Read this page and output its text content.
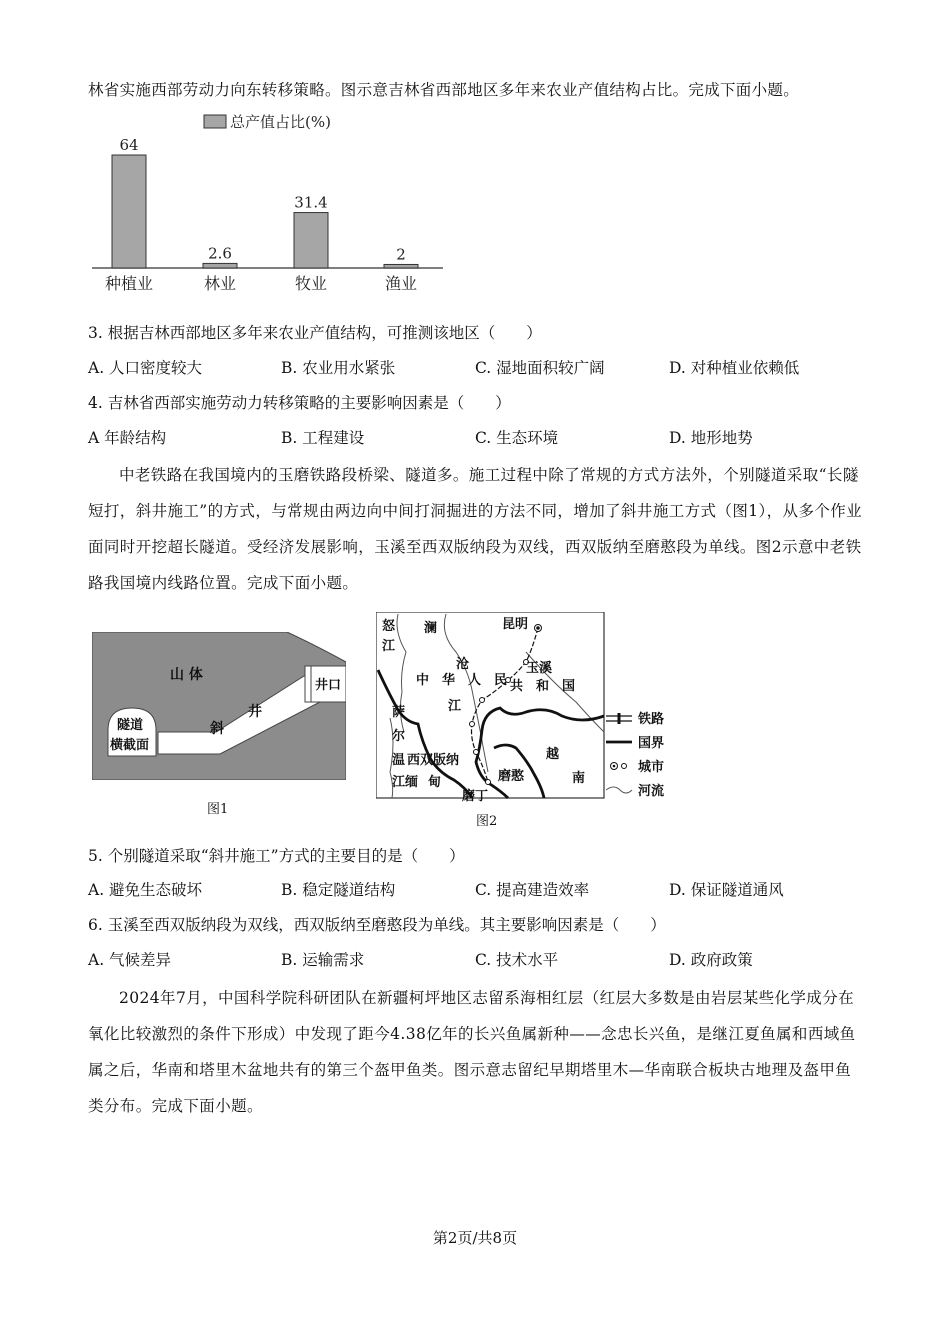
林省实施西部劳动力向东转移策略。图示意吉林省西部地区多年来农业产值结构占比。完成下面小题。
总产值占比(%)
64
2.6
31.4
2
种植业	林业	牧业	渔业
3. 根据吉林西部地区多年来农业产值结构，可推测该地区（　　）
A. 人口密度较大	B. 农业用水紧张	C. 湿地面积较广阔	D. 对种植业依赖低
4. 吉林省西部实施劳动力转移策略的主要影响因素是（　　）
A 年龄结构	B. 工程建设	C. 生态环境	D. 地形地势
中老铁路在我国境内的玉磨铁路段桥梁、隧道多。施工过程中除了常规的方式方法外，个别隧道采取“长隧短打，斜井施工”的方式，与常规由两边向中间打洞掘进的方法不同，增加了斜井施工方式（图1），从多个作业面同时开挖超长隧道。受经济发展影响，玉溪至西双版纳段为双线，西双版纳至磨憨段为单线。图2示意中老铁路我国境内线路位置。完成下面小题。
山 体
井口
斜
井
隧道
横截面
图1
怒
江
澜
沧
江
昆明
玉溪
中　华　人　民 共　和　国
萨
尔
温 西双版纳
江缅 甸
越
南
磨憨
磨丁
铁路
国界
城市
河流
图2
5. 个别隧道采取“斜井施工”方式的主要目的是（　　）
A. 避免生态破坏	B. 稳定隧道结构	C. 提高建造效率	D. 保证隧道通风
6. 玉溪至西双版纳段为双线，西双版纳至磨憨段为单线。其主要影响因素是（　　）
A. 气候差异	B. 运输需求	C. 技术水平	D. 政府政策
2024年7月，中国科学院科研团队在新疆柯坪地区志留系海相红层（红层大多数是由岩层某些化学成分在氧化比较激烈的条件下形成）中发现了距今4.38亿年的长兴鱼属新种——念忠长兴鱼，是继江夏鱼属和西域鱼属之后，华南和塔里木盆地共有的第三个盔甲鱼类。图示意志留纪早期塔里木—华南联合板块古地理及盔甲鱼类分布。完成下面小题。
第2页/共8页
